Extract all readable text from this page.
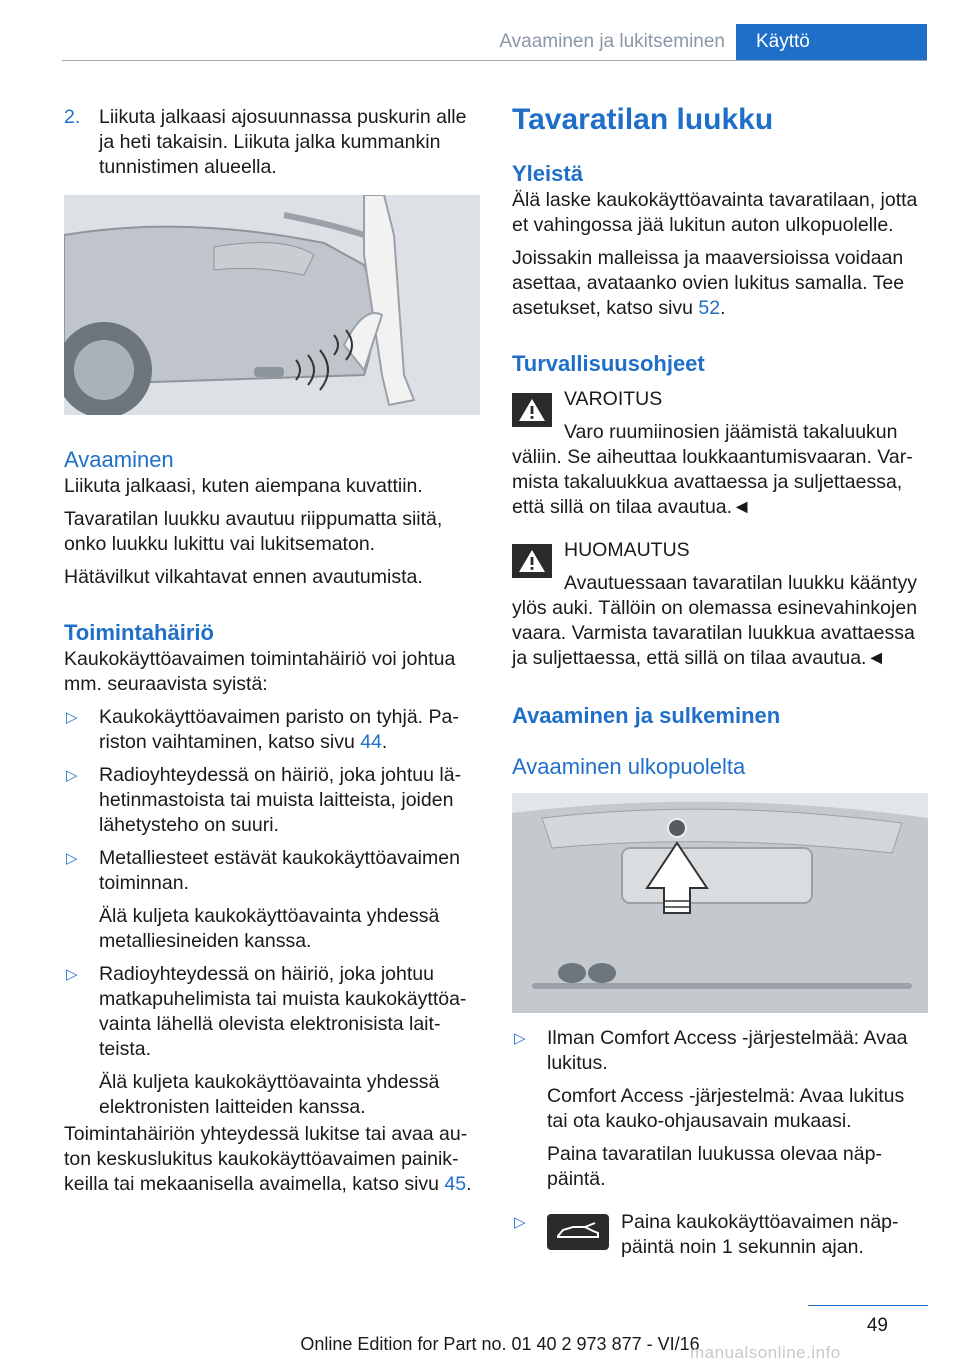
Avaaminen ja lukitseminen	Käyttö
2. Liikuta jalkaasi ajosuunnassa puskurin alle ja heti takaisin. Liikuta jalka kummankin tunnistimen alueella.
Avaaminen

Liikuta jalkaasi, kuten aiempana kuvattiin.

Tavaratilan luukku avautuu riippumatta siitä, onko luukku lukittu vai lukitsematon.

Hätävilkut vilkahtavat ennen avautumista.

Toimintahäiriö

Kaukokäyttöavaimen toimintahäiriö voi johtua mm. seuraavista syistä:

▷ Kaukokäyttöavaimen paristo on tyhjä. Pariston vaihtaminen, katso sivu 44.
▷ Radioyhteydessä on häiriö, joka johtuu lähetinmastoista tai muista laitteista, joiden lähetysteho on suuri.
▷ Metalliesteet estävät kaukokäyttöavaimen toiminnan.
Älä kuljeta kaukokäyttöavainta yhdessä metalliesineiden kanssa.
▷ Radioyhteydessä on häiriö, joka johtuu matkapuhelimista tai muista kaukokäyttöavainta lähellä olevista elektronisista laitteista.
Älä kuljeta kaukokäyttöavainta yhdessä elektronisten laitteiden kanssa.

Toimintahäiriön yhteydessä lukitse tai avaa auton keskuslukitus kaukokäyttöavaimen painikkeilla tai mekaanisella avaimella, katso sivu 45.

Tavaratilan luukku
Yleistä

Älä laske kaukokäyttöavainta tavaratilaan, jotta et vahingossa jää lukitun auton ulkopuolelle.

Joissakin malleissa ja maaversioissa voidaan asettaa, avataanko ovien lukitus samalla. Tee asetukset, katso sivu 52.

Turvallisuusohjeet
VAROITUS
Varo ruumiinosien jäämistä takaluukun
väliin. Se aiheuttaa loukkaantumisvaaran. Varmista takaluukkua avattaessa ja suljettaessa, että sillä on tilaa avautua.◄
HUOMAUTUS
Avautuessaan tavaratilan luukku kääntyy
ylös auki. Tällöin on olemassa esinevahinkojen vaara. Varmista tavaratilan luukkua avattaessa ja suljettaessa, että sillä on tilaa avautua.◄
Avaaminen ja sulkeminen
Avaaminen ulkopuolelta
▷ Ilman Comfort Access -järjestelmää: Avaa lukitus.
Comfort Access -järjestelmä: Avaa lukitus tai ota kauko-ohjausavain mukaasi.
Paina tavaratilan luukussa olevaa näppäintä.
▷	Paina kaukokäyttöavaimen näppäintä noin 1 sekunnin ajan.
49
Online Edition for Part no. 01 40 2 973 877 - VI/16
manualsonline.info
